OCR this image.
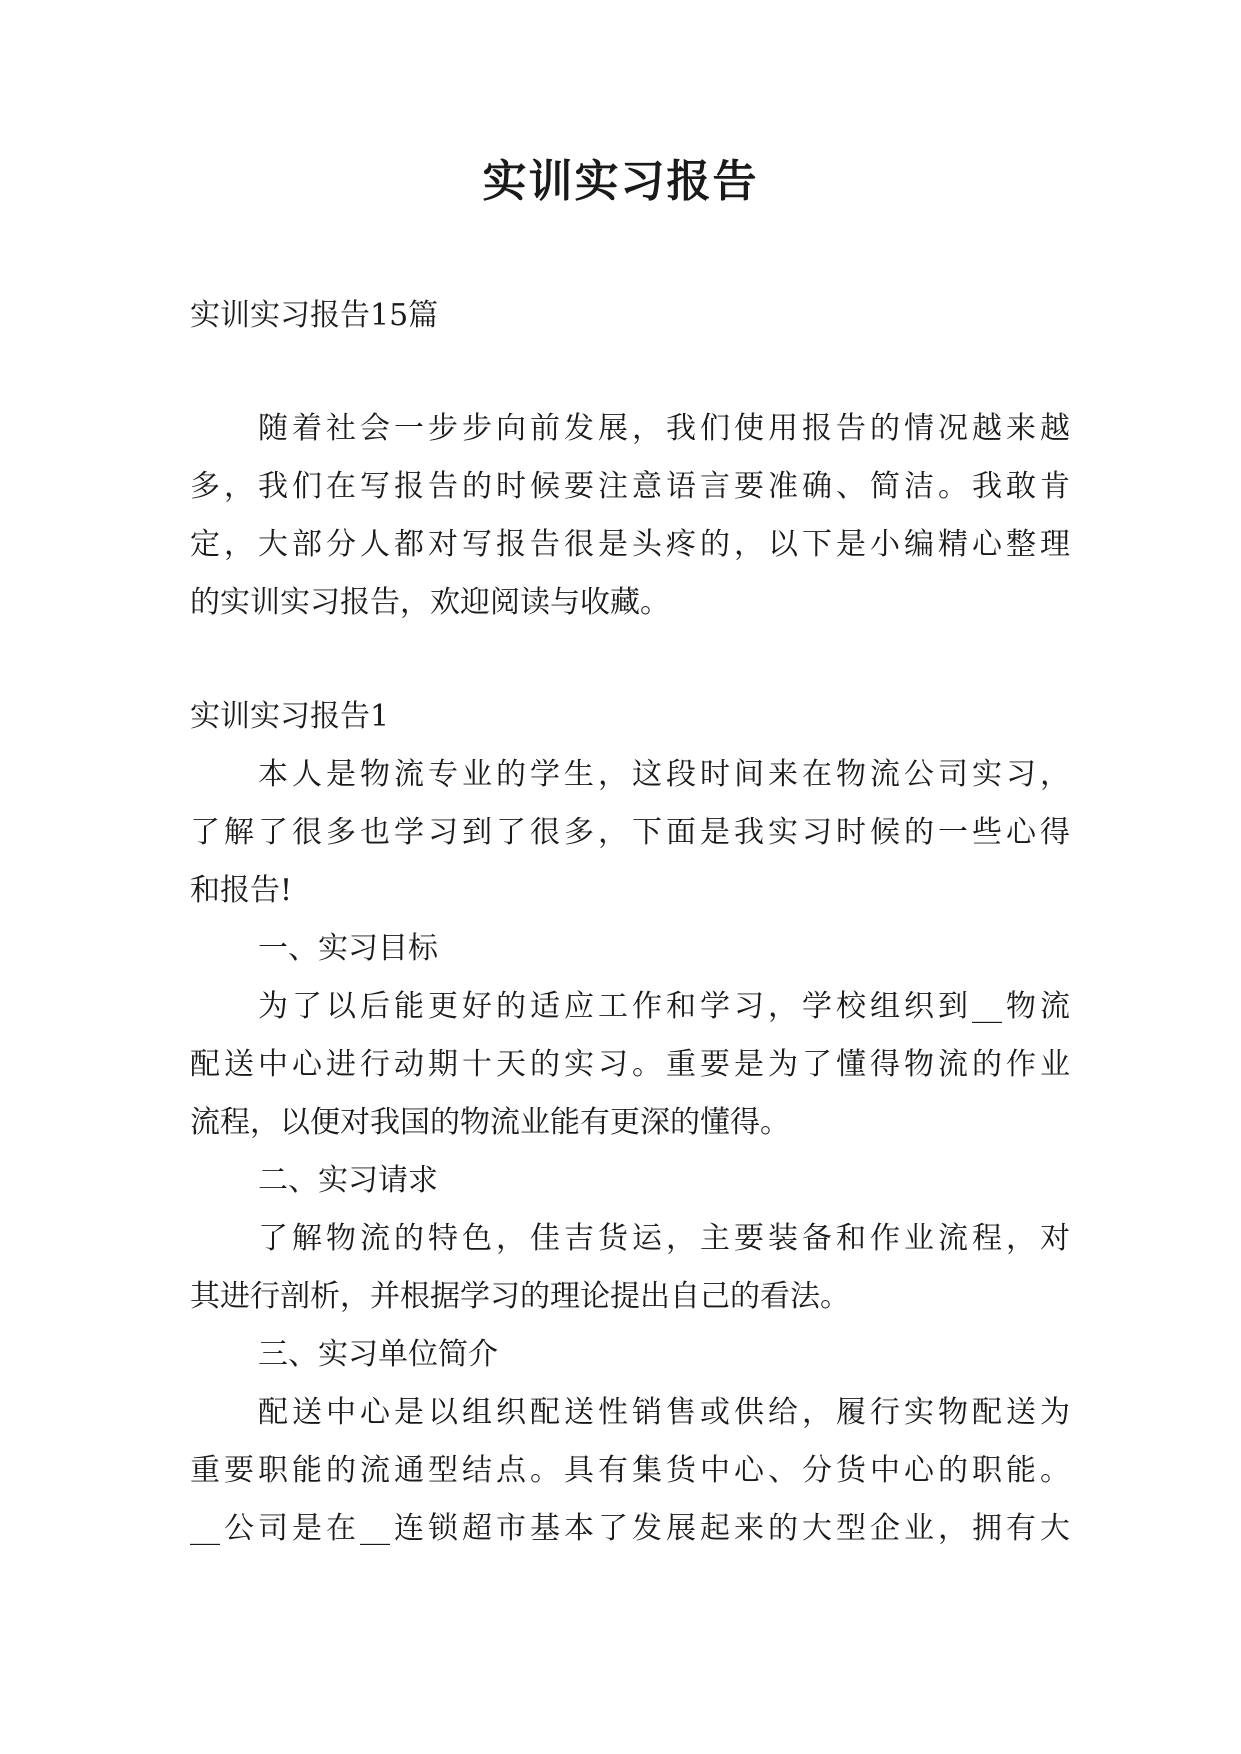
实训实习报告

实训实习报告15篇

随着社会一步步向前发展，我们使用报告的情况越来越

多，我们在写报告的时候要注意语言要准确、简洁。我敢肯

定，大部分人都对写报告很是头疼的，以下是小编精心整理

的实训实习报告，欢迎阅读与收藏。

实训实习报告1

本人是物流专业的学生，这段时间来在物流公司实习，

了解了很多也学习到了很多，下面是我实习时候的一些心得

和报告!

一、实习目标

为了以后能更好的适应工作和学习，学校组织到__物流

配送中心进行动期十天的实习。重要是为了懂得物流的作业

流程，以便对我国的物流业能有更深的懂得。

二、实习请求

了解物流的特色，佳吉货运，主要装备和作业流程，对

其进行剖析，并根据学习的理论提出自己的看法。

三、实习单位简介

配送中心是以组织配送性销售或供给，履行实物配送为

重要职能的流通型结点。具有集货中心、分货中心的职能。

__公司是在__连锁超市基本了发展起来的大型企业，拥有大
